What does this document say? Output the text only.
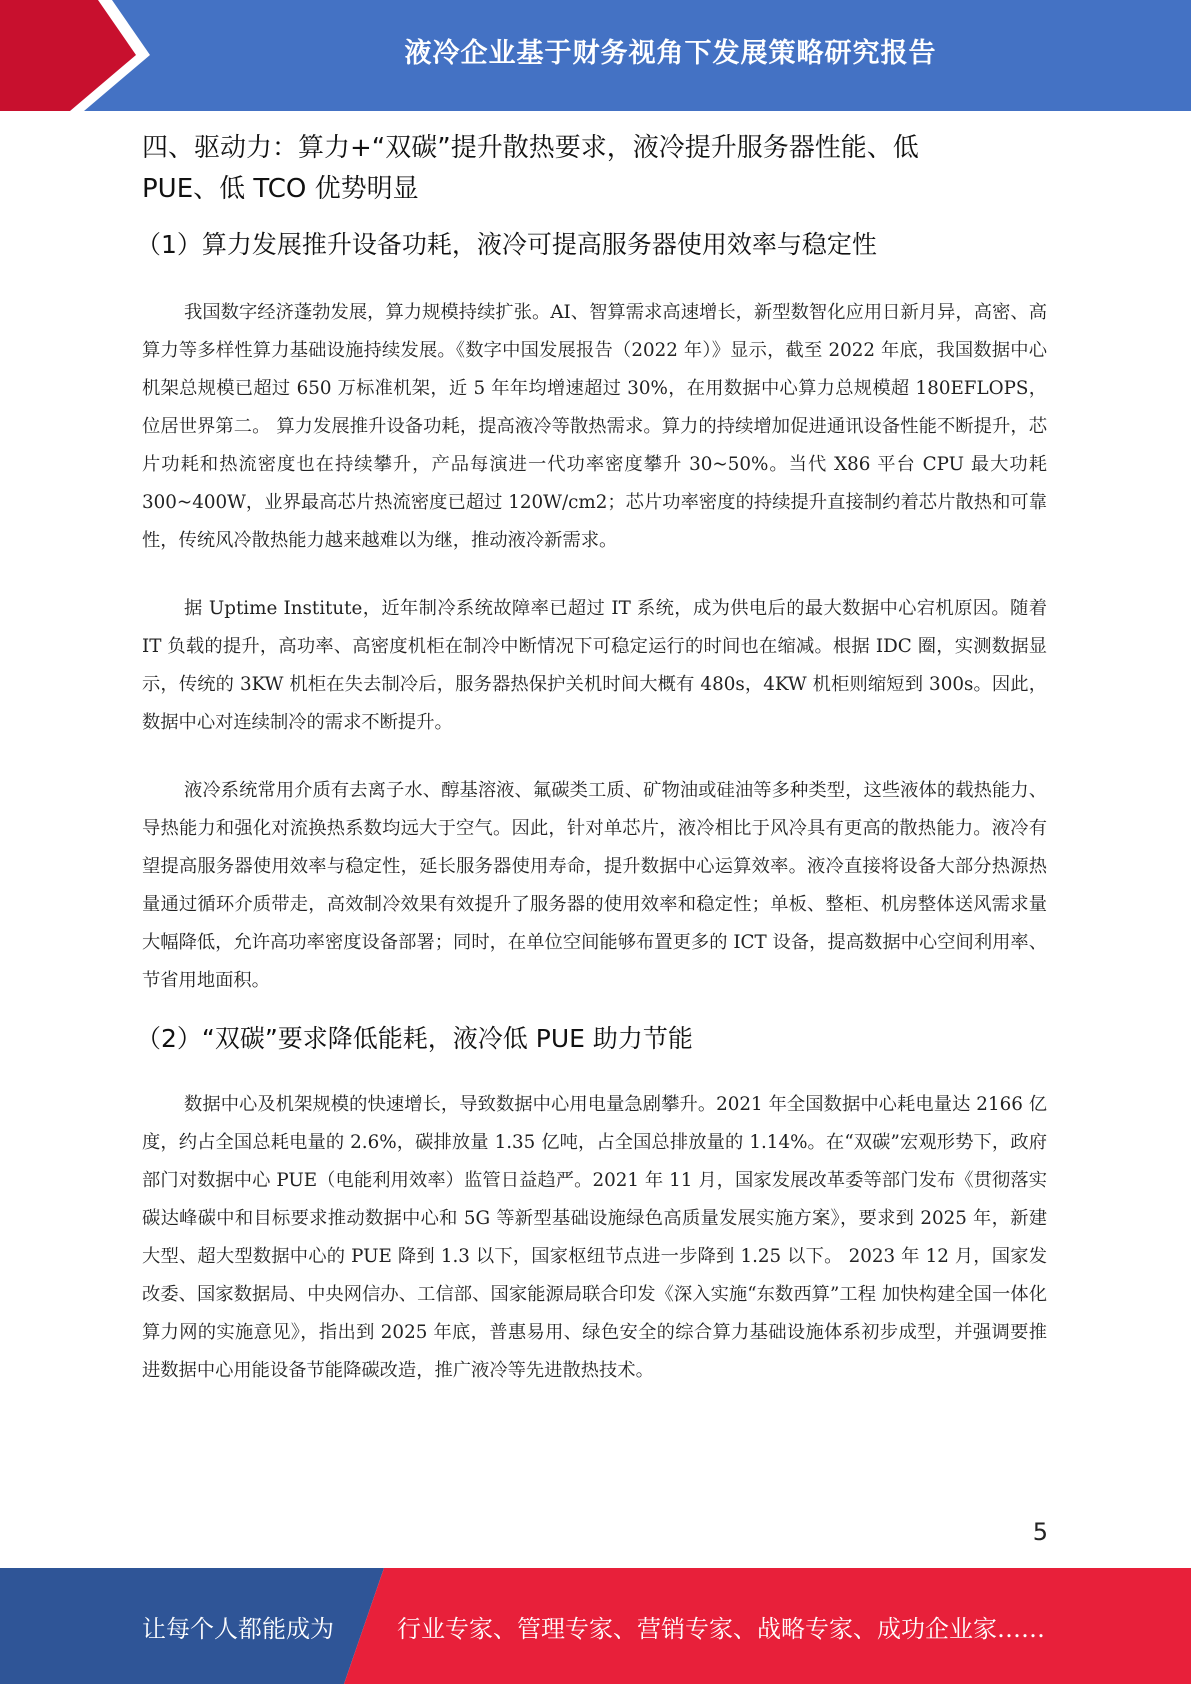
液冷企业基于财务视角下发展策略研究报告
四、驱动力：算力+“双碳”提升散热要求，液冷提升服务器性能、低
PUE、低 TCO 优势明显
（1）算力发展推升设备功耗，液冷可提高服务器使用效率与稳定性

我国数字经济蓬勃发展，算力规模持续扩张。AI、智算需求高速增长，新型数智化应用日新月异，高密、高算力等多样性算力基础设施持续发展。《数字中国发展报告（2022 年）》显示，截至 2022 年底，我国数据中心机架总规模已超过 650 万标准机架，近 5 年年均增速超过 30%，在用数据中心算力总规模超 180EFLOPS，位居世界第二。 算力发展推升设备功耗，提高液冷等散热需求。算力的持续增加促进通讯设备性能不断提升，芯片功耗和热流密度也在持续攀升，产品每演进一代功率密度攀升 30~50%。当代 X86 平台 CPU 最大功耗 300~400W，业界最高芯片热流密度已超过 120W/cm2；芯片功率密度的持续提升直接制约着芯片散热和可靠性，传统风冷散热能力越来越难以为继，推动液冷新需求。

据 Uptime Institute，近年制冷系统故障率已超过 IT 系统，成为供电后的最大数据中心宕机原因。随着 IT 负载的提升，高功率、高密度机柜在制冷中断情况下可稳定运行的时间也在缩减。根据 IDC 圈，实测数据显示，传统的 3KW 机柜在失去制冷后，服务器热保护关机时间大概有 480s，4KW 机柜则缩短到 300s。因此，数据中心对连续制冷的需求不断提升。

液冷系统常用介质有去离子水、醇基溶液、氟碳类工质、矿物油或硅油等多种类型，这些液体的载热能力、导热能力和强化对流换热系数均远大于空气。因此，针对单芯片，液冷相比于风冷具有更高的散热能力。液冷有望提高服务器使用效率与稳定性，延长服务器使用寿命，提升数据中心运算效率。液冷直接将设备大部分热源热量通过循环介质带走，高效制冷效果有效提升了服务器的使用效率和稳定性；单板、整柜、机房整体送风需求量大幅降低，允许高功率密度设备部署；同时，在单位空间能够布置更多的 ICT 设备，提高数据中心空间利用率、节省用地面积。

（2）“双碳”要求降低能耗，液冷低 PUE 助力节能

数据中心及机架规模的快速增长，导致数据中心用电量急剧攀升。2021 年全国数据中心耗电量达 2166 亿度，约占全国总耗电量的 2.6%，碳排放量 1.35 亿吨，占全国总排放量的 1.14%。在“双碳”宏观形势下，政府部门对数据中心 PUE（电能利用效率）监管日益趋严。2021 年 11 月，国家发展改革委等部门发布《贯彻落实碳达峰碳中和目标要求推动数据中心和 5G 等新型基础设施绿色高质量发展实施方案》，要求到 2025 年，新建大型、超大型数据中心的 PUE 降到 1.3 以下，国家枢纽节点进一步降到 1.25 以下。 2023 年 12 月，国家发改委、国家数据局、中央网信办、工信部、国家能源局联合印发《深入实施“东数西算”工程 加快构建全国一体化算力网的实施意见》，指出到 2025 年底，普惠易用、绿色安全的综合算力基础设施体系初步成型，并强调要推进数据中心用能设备节能降碳改造，推广液冷等先进散热技术。

5
让每个人都能成为	行业专家、管理专家、营销专家、战略专家、成功企业家……
